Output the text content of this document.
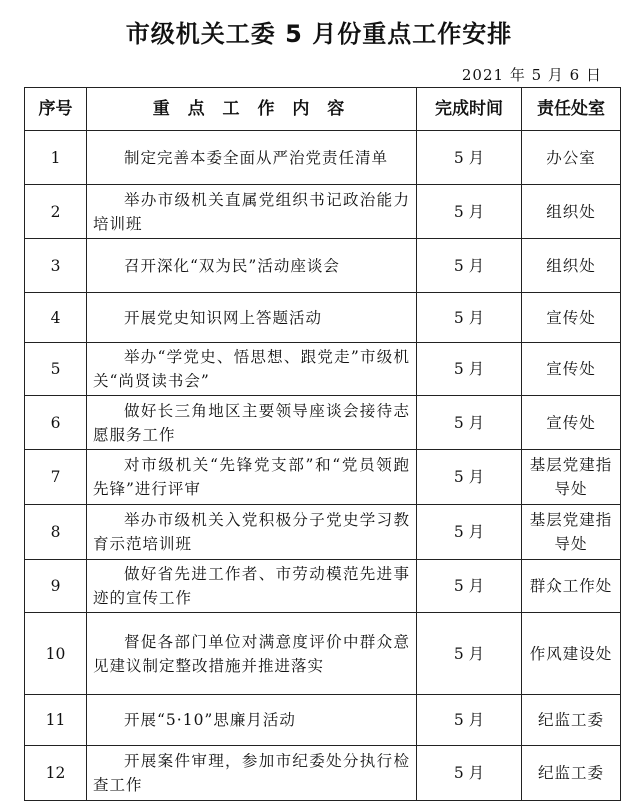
市级机关工委 5 月份重点工作安排
2021 年 5 月 6 日
序号	重 点 工 作 内 容	完成时间	责任处室
1	制定完善本委全面从严治党责任清单	5 月	办公室
2	举办市级机关直属党组织书记政治能力培训班	5 月	组织处
3	召开深化“双为民”活动座谈会	5 月	组织处
4	开展党史知识网上答题活动	5 月	宣传处
5	举办“学党史、悟思想、跟党走”市级机关“尚贤读书会”	5 月	宣传处
6	做好长三角地区主要领导座谈会接待志愿服务工作	5 月	宣传处
7	对市级机关“先锋党支部”和“党员领跑先锋”进行评审	5 月	基层党建指导处
8	举办市级机关入党积极分子党史学习教育示范培训班	5 月	基层党建指导处
9	做好省先进工作者、市劳动模范先进事迹的宣传工作	5 月	群众工作处
10	督促各部门单位对满意度评价中群众意见建议制定整改措施并推进落实	5 月	作风建设处
11	开展“5·10”思廉月活动	5 月	纪监工委
12	开展案件审理，参加市纪委处分执行检查工作	5 月	纪监工委
